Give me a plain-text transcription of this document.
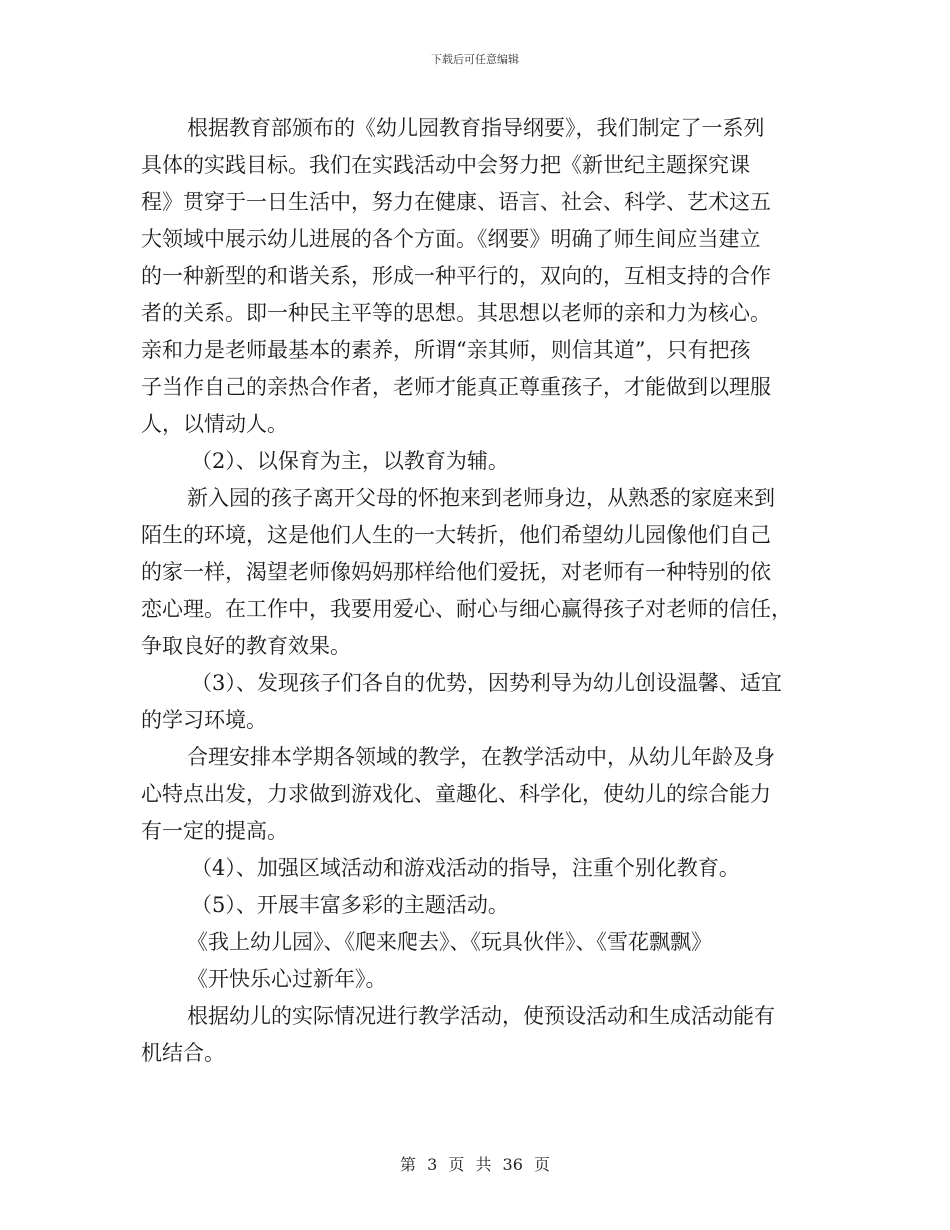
下载后可任意编辑
根据教育部颁布的《幼儿园教育指导纲要》，我们制定了一系列
具体的实践目标。我们在实践活动中会努力把《新世纪主题探究课
程》贯穿于一日生活中，努力在健康、语言、社会、科学、艺术这五
大领域中展示幼儿进展的各个方面。《纲要》明确了师生间应当建立
的一种新型的和谐关系，形成一种平行的，双向的，互相支持的合作
者的关系。即一种民主平等的思想。其思想以老师的亲和力为核心。
亲和力是老师最基本的素养，所谓“亲其师，则信其道”，只有把孩
子当作自己的亲热合作者，老师才能真正尊重孩子，才能做到以理服
人，以情动人。
（2）、以保育为主，以教育为辅。
新入园的孩子离开父母的怀抱来到老师身边，从熟悉的家庭来到
陌生的环境，这是他们人生的一大转折，他们希望幼儿园像他们自己
的家一样，渴望老师像妈妈那样给他们爱抚，对老师有一种特别的依
恋心理。在工作中，我要用爱心、耐心与细心赢得孩子对老师的信任，
争取良好的教育效果。
（3）、发现孩子们各自的优势，因势利导为幼儿创设温馨、适宜
的学习环境。
合理安排本学期各领域的教学，在教学活动中，从幼儿年龄及身
心特点出发，力求做到游戏化、童趣化、科学化，使幼儿的综合能力
有一定的提高。
（4）、加强区域活动和游戏活动的指导，注重个别化教育。
（5）、开展丰富多彩的主题活动。
《我上幼儿园》、《爬来爬去》、《玩具伙伴》、《雪花飘飘》
《开快乐心过新年》。
根据幼儿的实际情况进行教学活动，使预设活动和生成活动能有
机结合。
第 3 页 共 36 页
